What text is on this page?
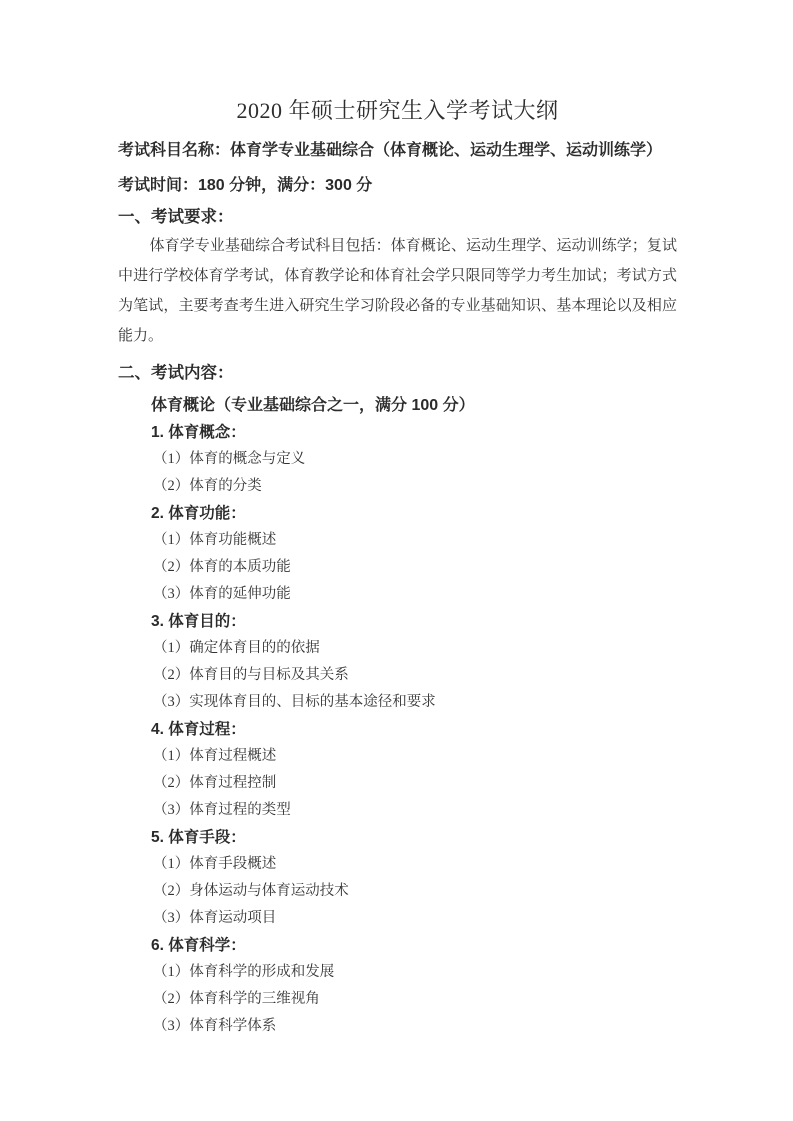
2020 年硕士研究生入学考试大纲

考试科目名称：体育学专业基础综合（体育概论、运动生理学、运动训练学）

考试时间：180 分钟，满分：300 分

一、考试要求：

体育学专业基础综合考试科目包括：体育概论、运动生理学、运动训练学；复试中进行学校体育学考试，体育教学论和体育社会学只限同等学力考生加试；考试方式为笔试，主要考查考生进入研究生学习阶段必备的专业基础知识、基本理论以及相应能力。

二、考试内容：
体育概论（专业基础综合之一，满分 100 分）

1. 体育概念：

（1）体育的概念与定义

（2）体育的分类

2. 体育功能：

（1）体育功能概述

（2）体育的本质功能

（3）体育的延伸功能

3. 体育目的：

（1）确定体育目的的依据

（2）体育目的与目标及其关系

（3）实现体育目的、目标的基本途径和要求

4. 体育过程：

（1）体育过程概述

（2）体育过程控制

（3）体育过程的类型

5. 体育手段：

（1）体育手段概述

（2）身体运动与体育运动技术

（3）体育运动项目

6. 体育科学：

（1）体育科学的形成和发展

（2）体育科学的三维视角

（3）体育科学体系
